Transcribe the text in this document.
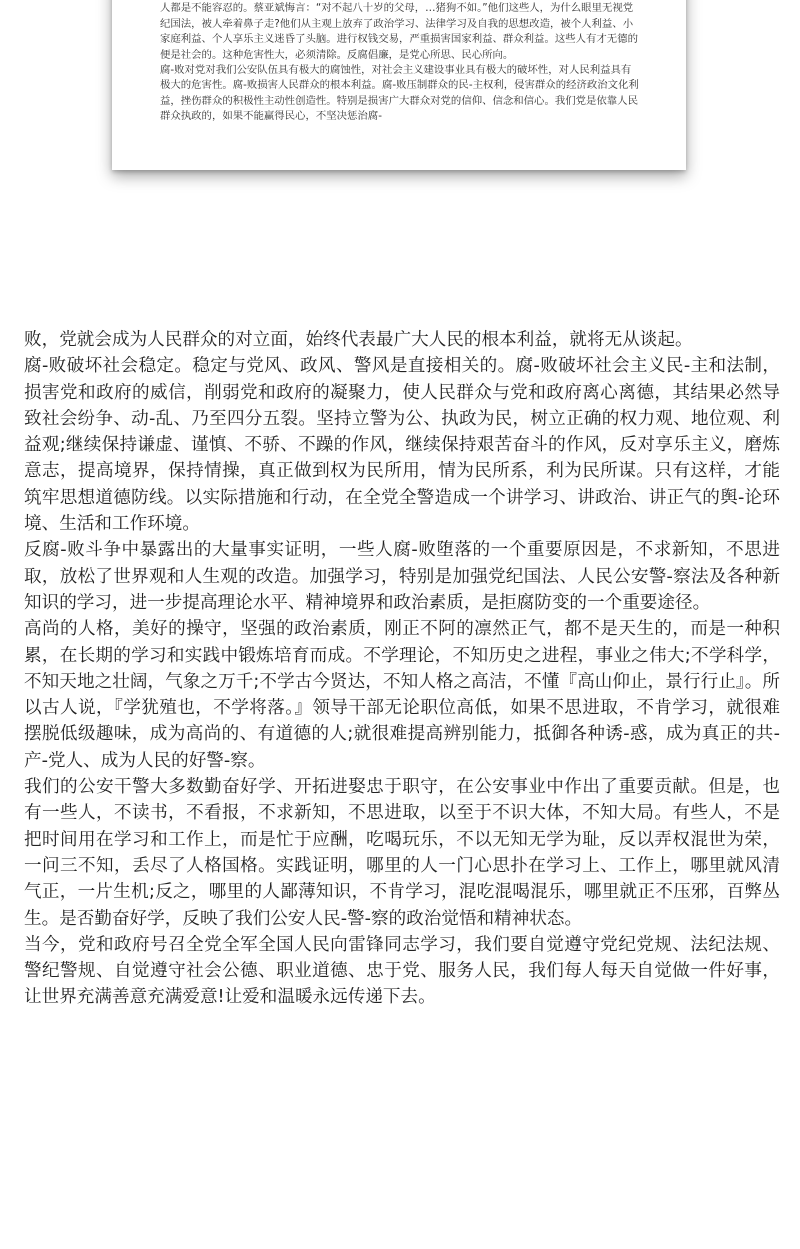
人都是不能容忍的。蔡亚斌悔言：“对不起八十岁的父母，…猪狗不如。”他们这些人，为什么眼里无视党纪国法，被人牵着鼻子走?他们从主观上放弃了政治学习、法律学习及自我的思想改造，被个人利益、小家庭利益、个人享乐主义迷昏了头脑。进行权钱交易，严重损害国家利益、群众利益。这些人有才无德的便是社会的。这种危害性大，必须清除。反腐倡廉，是党心所思、民心所向。

腐-败对党对我们公安队伍具有极大的腐蚀性，对社会主义建设事业具有极大的破坏性，对人民利益具有极大的危害性。腐-败损害人民群众的根本利益。腐-败压制群众的民-主权利，侵害群众的经济政治文化利益，挫伤群众的积极性主动性创造性。特别是损害广大群众对党的信仰、信念和信心。我们党是依靠人民群众执政的，如果不能赢得民心，不坚决惩治腐-

败，党就会成为人民群众的对立面，始终代表最广大人民的根本利益，就将无从谈起。

腐-败破坏社会稳定。稳定与党风、政风、警风是直接相关的。腐-败破坏社会主义民-主和法制，损害党和政府的威信，削弱党和政府的凝聚力，使人民群众与党和政府离心离德，其结果必然导致社会纷争、动-乱、乃至四分五裂。坚持立警为公、执政为民，树立正确的权力观、地位观、利益观;继续保持谦虚、谨慎、不骄、不躁的作风，继续保持艰苦奋斗的作风，反对享乐主义，磨炼意志，提高境界，保持情操，真正做到权为民所用，情为民所系，利为民所谋。只有这样，才能筑牢思想道德防线。以实际措施和行动，在全党全警造成一个讲学习、讲政治、讲正气的舆-论环境、生活和工作环境。

反腐-败斗争中暴露出的大量事实证明，一些人腐-败堕落的一个重要原因是，不求新知，不思进取，放松了世界观和人生观的改造。加强学习，特别是加强党纪国法、人民公安警-察法及各种新知识的学习，进一步提高理论水平、精神境界和政治素质，是拒腐防变的一个重要途径。

高尚的人格，美好的操守，坚强的政治素质，刚正不阿的凛然正气，都不是天生的，而是一种积累，在长期的学习和实践中锻炼培育而成。不学理论，不知历史之进程，事业之伟大;不学科学，不知天地之壮阔，气象之万千;不学古今贤达，不知人格之高洁，不懂『高山仰止，景行行止』。所以古人说，『学犹殖也，不学将落。』领导干部无论职位高低，如果不思进取，不肯学习，就很难摆脱低级趣味，成为高尚的、有道德的人;就很难提高辨别能力，抵御各种诱-惑，成为真正的共-产-党人、成为人民的好警-察。

我们的公安干警大多数勤奋好学、开拓进娶忠于职守，在公安事业中作出了重要贡献。但是，也有一些人，不读书，不看报，不求新知，不思进取，以至于不识大体，不知大局。有些人，不是把时间用在学习和工作上，而是忙于应酬，吃喝玩乐，不以无知无学为耻，反以弄权混世为荣，一问三不知，丢尽了人格国格。实践证明，哪里的人一门心思扑在学习上、工作上，哪里就风清气正，一片生机;反之，哪里的人鄙薄知识，不肯学习，混吃混喝混乐，哪里就正不压邪，百弊丛生。是否勤奋好学，反映了我们公安人民-警-察的政治觉悟和精神状态。

当今，党和政府号召全党全军全国人民向雷锋同志学习，我们要自觉遵守党纪党规、法纪法规、警纪警规、自觉遵守社会公德、职业道德、忠于党、服务人民，我们每人每天自觉做一件好事，让世界充满善意充满爱意!让爱和温暖永远传递下去。
